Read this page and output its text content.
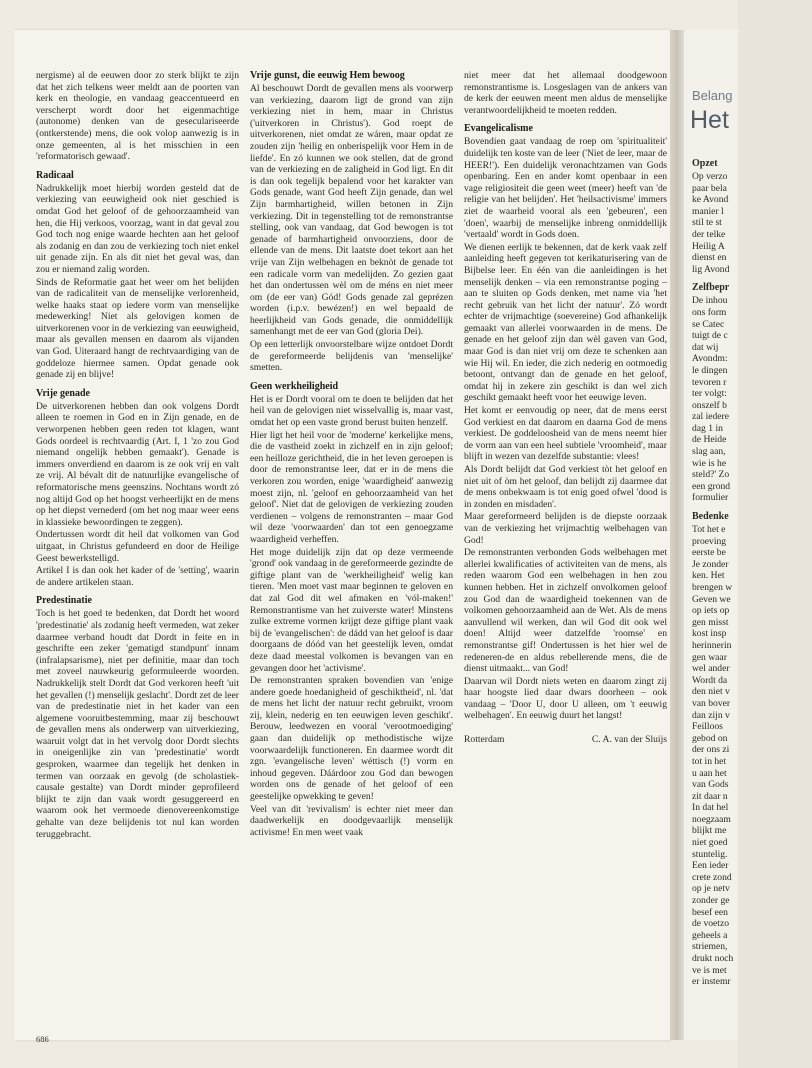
nergisme) al de eeuwen door zo sterk blijkt te zijn dat het zich telkens weer meldt aan de poorten van kerk en theologie, en vandaag geaccentueerd en verscherpt wordt door het eigenmachtige (autonome) denken van de geseculariseerde (ontkerstende) mens, die ook volop aanwezig is in onze gemeenten, al is het misschien in een 'reformatorisch gewaad'.

Radicaal

Nadrukkelijk moet hierbij worden gesteld dat de verkiezing van eeuwigheid ook niet geschied is omdat God het geloof of de gehoorzaamheid van hen, die Hij verkoos, voorzag, want in dat geval zou God toch nog enige waarde hechten aan het geloof als zodanig en dan zou de verkiezing toch niet enkel uit genade zijn. En als dit niet het geval was, dan zou er niemand zalig worden.

Sinds de Reformatie gaat het weer om het belijden van de radicaliteit van de menselijke verlorenheid, welke haaks staat op iedere vorm van menselijke medewerking! Niet als gelovigen komen de uitverkorenen voor in de verkiezing van eeuwigheid, maar als gevallen mensen en daarom als vijanden van God. Uiteraard hangt de rechtvaardiging van de goddeloze hiermee samen. Opdat genade ook genade zij en blijve!

Vrije genade

De uitverkorenen hebben dan ook volgens Dordt alleen te roemen in God en in Zijn genade, en de verworpenen hebben geen reden tot klagen, want Gods oordeel is rechtvaardig (Art. I, 1 'zo zou God niemand ongelijk hebben gemaakt'). Genade is immers onverdiend en daarom is ze ook vrij en valt ze vrij. Al bévalt dit de natuurlijke evangelische of reformatorische mens geenszins. Nochtans wordt zó nog altijd God op het hoogst verheerlijkt en de mens op het diepst vernederd (om het nog maar weer eens in klassieke bewoordingen te zeggen).

Ondertussen wordt dit heil dat volkomen van God uitgaat, in Christus gefundeerd en door de Heilige Geest bewerkstelligd.

Artikel I is dan ook het kader of de 'setting', waarin de andere artikelen staan.

Predestinatie

Toch is het goed te bedenken, dat Dordt het woord 'predestinatie' als zodanig heeft vermeden, wat zeker daarmee verband houdt dat Dordt in feite en in geschrifte een zeker 'gematigd standpunt' innam (infralapsarisme), niet per definitie, maar dan toch met zoveel nauwkeurig geformuleerde woorden. Nadrukkelijk stelt Dordt dat God verkoren heeft 'uit het gevallen (!) menselijk geslacht'. Dordt zet de leer van de predestinatie niet in het kader van een algemene vooruitbestemming, maar zij beschouwt de gevallen mens als onderwerp van uitverkiezing, waaruit volgt dat in het vervolg door Dordt slechts in oneigenlijke zin van 'predestinatie' wordt gesproken, waarmee dan tegelijk het denken in termen van oorzaak en gevolg (de scholastiek-causale gestalte) van Dordt minder geprofileerd blijkt te zijn dan vaak wordt gesuggereerd en waarom ook het vermoede dienovereenkomstige gehalte van deze belijdenis tot nul kan worden teruggebracht.

Vrije gunst, die eeuwig Hem bewoog

Al beschouwt Dordt de gevallen mens als voorwerp van verkiezing, daarom ligt de grond van zijn verkiezing niet in hem, maar in Christus ('uitverkoren in Christus'). God roept de uitverkorenen, niet omdat ze wáren, maar opdat ze zouden zijn 'heilig en onberispelijk voor Hem in de liefde'. En zó kunnen we ook stellen, dat de grond van de verkiezing en de zaligheid in God ligt. En dit is dan ook tegelijk bepalend voor het karakter van Gods genade, want God heeft Zijn genade, dan wel Zijn barmhartigheid, willen betonen in Zijn verkiezing. Dit in tegenstelling tot de remonstrantse stelling, ook van vandaag, dat God bewogen is tot genade of barmhartigheid onvoorziens, door de ellende van de mens. Dit laatste doet tekort aan het vrije van Zijn welbehagen en beknòt de genade tot een radicale vorm van medelijden. Zo gezien gaat het dan ondertussen wèl om de méns en niet meer om (de eer van) Gód! Gods genade zal geprézen worden (i.p.v. bewézen!) en wel bepaald de heerlijkheid van Gods genade, die onmiddellijk samenhangt met de eer van God (gloria Dei).

Op een letterlijk onvoorstelbare wijze ontdoet Dordt de gereformeerde belijdenis van 'menselijke' smetten.

Geen werkheiligheid

Het is er Dordt vooral om te doen te belijden dat het heil van de gelovigen niet wisselvallig is, maar vast, omdat het op een vaste grond berust buiten henzelf.

Hier ligt het heil voor de 'moderne' kerkelijke mens, die de vastheid zoekt in zichzelf en in zijn geloof; een heilloze gerichtheid, die in het leven geroepen is door de remonstrantse leer, dat er in de mens die verkoren zou worden, enige 'waardigheid' aanwezig moest zijn, nl. 'geloof en gehoorzaamheid van het geloof'. Niet dat de gelovigen de verkiezing zouden verdienen – volgens de remonstranten – maar God wil deze 'voorwaarden' dan tot een genoegzame waardigheid verheffen.

Het moge duidelijk zijn dat op deze vermeende 'grond' ook vandaag in de gereformeerde gezindte de giftige plant van de 'werkheiligheid' welig kan tieren. 'Men moet vast maar beginnen te geloven en dat zal God dit wel afmaken en 'vól-maken!' Remonstrantisme van het zuiverste water! Minstens zulke extreme vormen krijgt deze giftige plant vaak bij de 'evangelischen': de dádd van het geloof is daar doorgaans de dóód van het geestelijk leven, omdat deze daad meestal volkomen is bevangen van en gevangen door het 'activisme'.

De remonstranten spraken bovendien van 'enige andere goede hoedanigheid of geschiktheid', nl. 'dat de mens het licht der natuur recht gebruikt, vroom zij, klein, nederig en ten eeuwigen leven geschikt'. Berouw, leedwezen en vooral 'verootmoediging' gaan dan duidelijk op methodistische wijze voorwaardelijk functioneren. En daarmee wordt dit zgn. 'evangelische leven' wéttisch (!) vorm en inhoud gegeven. Dáárdoor zou God dan bewogen worden ons de genade of het geloof of een geestelijke opwekking te geven!

Veel van dit 'revivalism' is echter niet meer dan daadwerkelijk en doodgevaarlijk menselijk activisme! En men weet vaak

niet meer dat het allemaal doodgewoon remonstrantisme is. Losgeslagen van de ankers van de kerk der eeuwen meent men aldus de menselijke verantwoordelijkheid te moeten redden.

Evangelicalisme

Bovendien gaat vandaag de roep om 'spiritualiteit' duidelijk ten koste van de leer ('Niet de leer, maar de HEER!'). Een duidelijk veronachtzamen van Gods openbaring. Een en ander komt openbaar in een vage religiositeit die geen weet (meer) heeft van 'de religie van het belijden'. Het 'heilsactivisme' immers ziet de waarheid vooral als een 'gebeuren', een 'doen', waarbij de menselijke inbreng onmiddellijk 'vertaald' wordt in Gods doen.

We dienen eerlijk te bekennen, dat de kerk vaak zelf aanleiding heeft gegeven tot kerikaturisering van de Bijbelse leer. En één van die aanleidingen is het menselijk denken – via een remonstrantse poging – aan te sluiten op Gods denken, met name via 'het recht gebruik van het licht der natuur'. Zó wordt echter de vrijmachtige (soevereine) God afhankelijk gemaakt van allerlei voorwaarden in de mens. De genade en het geloof zijn dan wèl gaven van God, maar God is dan niet vrij om deze te schenken aan wie Hij wil. En ieder, die zich nederig en ootmoedig betoont, ontvangt dan de genade en het geloof, omdat hij in zekere zin geschikt is dan wel zich geschikt gemaakt heeft voor het eeuwige leven.

Het komt er eenvoudig op neer, dat de mens eerst God verkiest en dat daarom en daarna God de mens verkiest. De goddeloosheid van de mens neemt hier de vorm aan van een heel subtiele 'vroomheid', maar blijft in wezen van dezelfde substantie: vlees!

Als Dordt belijdt dat God verkiest tòt het geloof en niet uit of òm het geloof, dan belijdt zij daarmee dat de mens onbekwaam is tot enig goed ofwel 'dood is in zonden en misdaden'.

Maar gereformeerd belijden is de diepste oorzaak van de verkiezing het vrijmachtig welbehagen van God!

De remonstranten verbonden Gods welbehagen met allerlei kwalificaties of activiteiten van de mens, als reden waarom God een welbehagen in hen zou kunnen hebben. Het in zichzelf onvolkomen geloof zou God dan de waardigheid toekennen van de volkomen gehoorzaamheid aan de Wet. Als de mens aanvullend wil werken, dan wil God dit ook wel doen! Altijd weer datzelfde 'roomse' en remonstrantse gif! Ondertussen is het hier wel de redeneren-de en aldus rebellerende mens, die de dienst uitmaakt... van God!

Daarvan wil Dordt niets weten en daarom zingt zij haar hoogste lied daar dwars doorheen – ook vandaag – 'Door U, door U alleen, om 't eeuwig welbehagen'. En eeuwig duurt het langst!

Rotterdam	C. A. van der Sluijs
686
Belang
Het
Opzet

Op verzo
paar bela
ke Avond
manier l
stil te st
der telke
Heilig A
dienst en
lig Avond

Zelfbepr

De inhou
ons form
se Catec
tuigt de c
dat wij
Avondm:
le dingen
tevoren r
ter volgt:
onszelf b
zal iedere
dag 1 in
de Heide
slag aan,
wie is he
steld?' Zo
een grond
formulier

Bedenke

Tot het e
proeving
eerste be
Je zonder
ken. Het
brengen w
Geven we
op iets op
gen misst
kost insp
herinnerin
gen waar
wel ander
Wordt da
den niet v
van bover
dan zijn v
Feilloos
gebod on
der ons zi
tot in het
u aan het
van Gods
zit daar n
In dat hel
noegzaam
blijkt me
niet goed
stuntelig.
Een ieder
crete zond
op je netv
zonder ge
besef een
de voetzo
geheels a
striemen,
drukt noch
ve is met
er instemr
